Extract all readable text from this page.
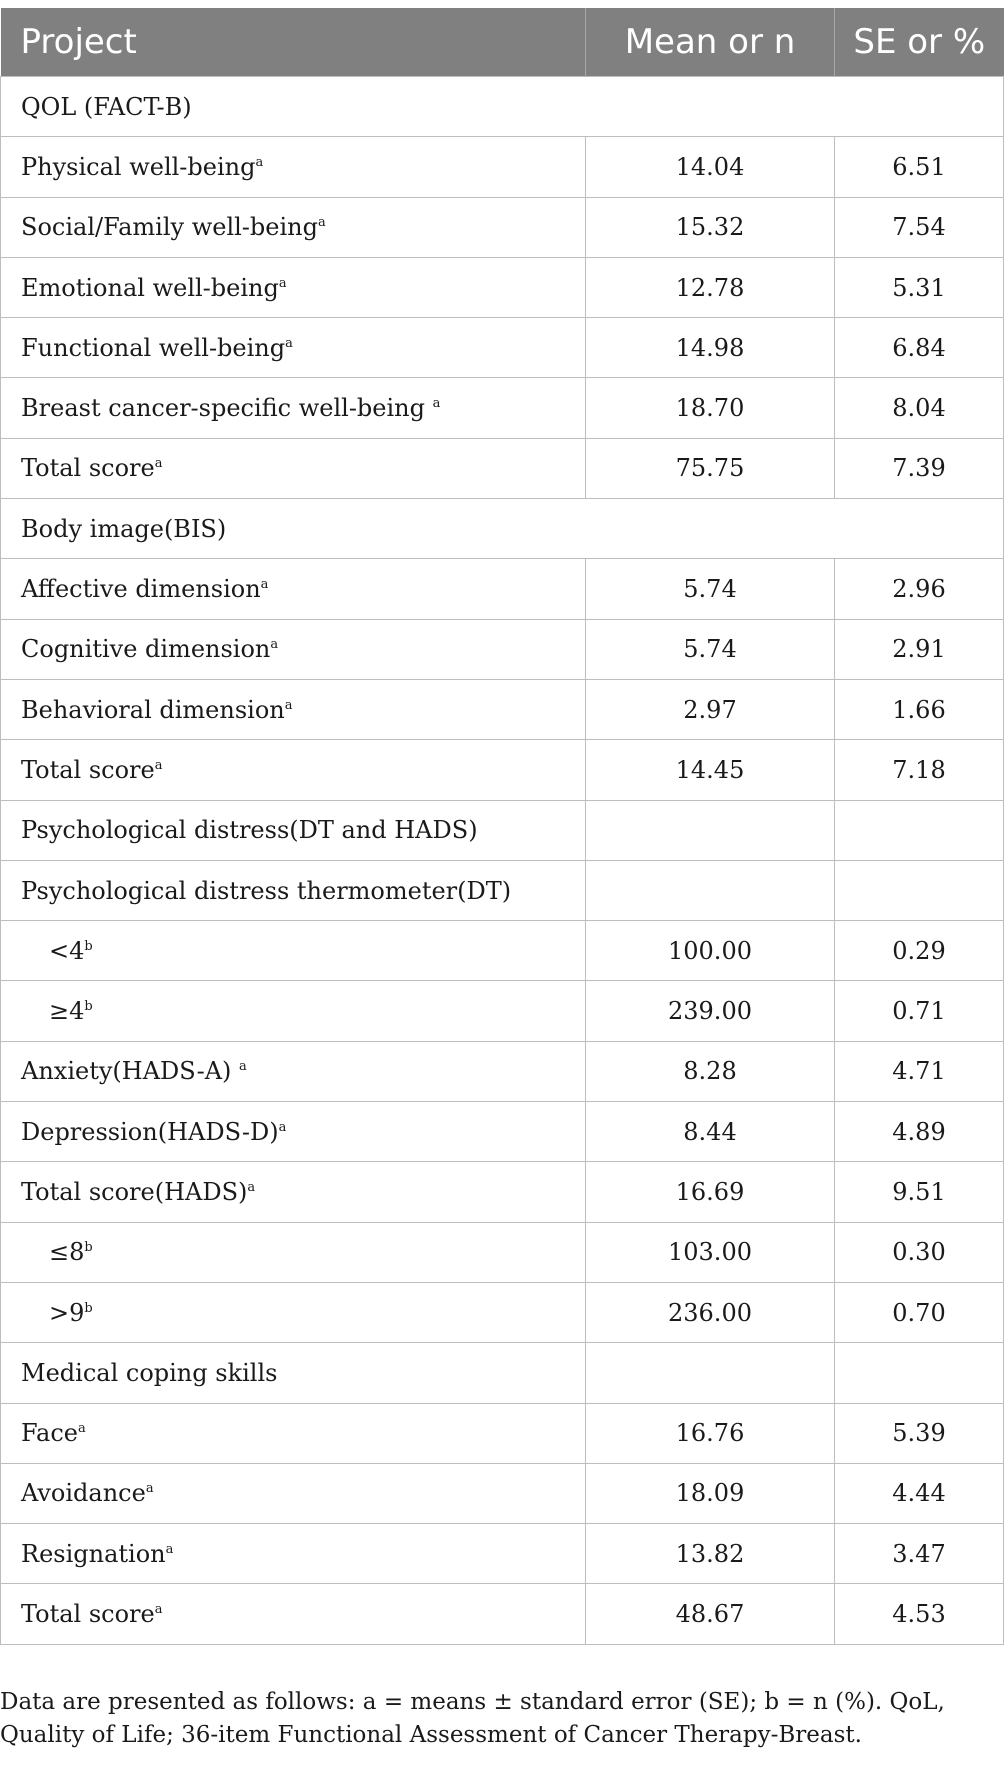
Project	Mean or n	SE or %
QOL (FACT-B)		
Physical well-being$^a$	14.04	6.51
Social/Family well-being$^a$	15.32	7.54
Emotional well-being$^a$	12.78	5.31
Functional well-being$^a$	14.98	6.84
Breast cancer-specific well-being $^a$	18.70	8.04
Total score$^a$	75.75	7.39
Body image(BIS)		
Affective dimension$^a$	5.74	2.96
Cognitive dimension$^a$	5.74	2.91
Behavioral dimension$^a$	2.97	1.66
Total score$^a$	14.45	7.18
Psychological distress(DT and HADS)		
Psychological distress thermometer(DT)		
$<4^b$	100.00	0.29
$\ge 4^b$	239.00	0.71
Anxiety(HADS-A) $^a$	8.28	4.71
Depression(HADS-D)$^a$	8.44	4.89
Total score(HADS)$^a$	16.69	9.51
$\le 8^b$	103.00	0.30
$>9^b$	236.00	0.70
Medical coping skills		
Face$^a$	16.76	5.39
Avoidance$^a$	18.09	4.44
Resignation$^a$	13.82	3.47
Total score$^a$	48.67	4.53
Data are presented as follows: a = means ± standard error (SE); b = n (%). QoL, Quality of Life; 36-item Functional Assessment of Cancer Therapy-Breast.
